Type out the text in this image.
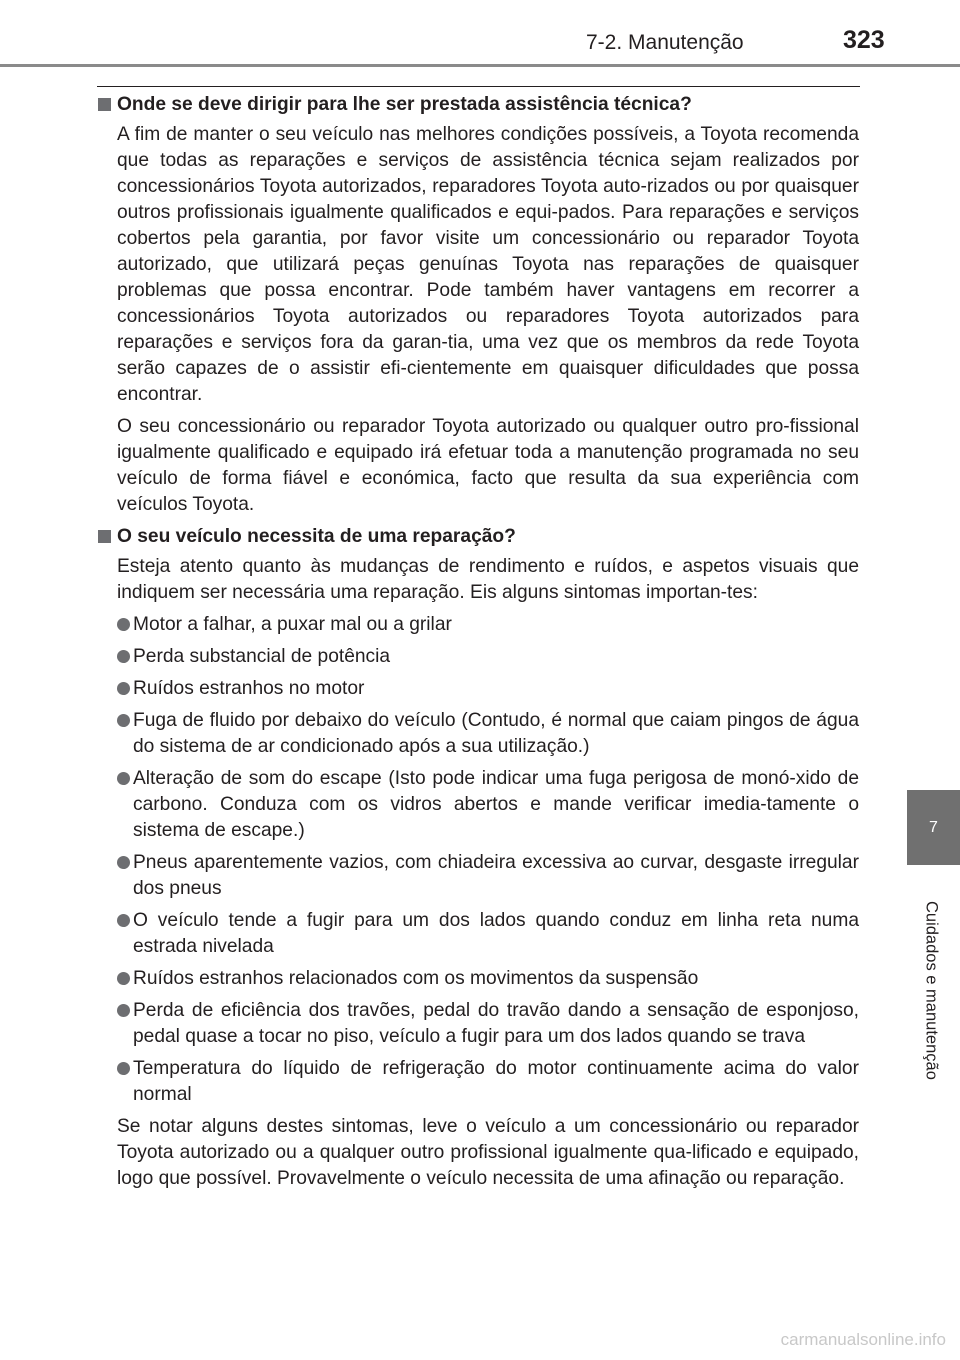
7-2. Manutenção	323
7
Cuidados e manutenção
Onde se deve dirigir para lhe ser prestada assistência técnica?

A fim de manter o seu veículo nas melhores condições possíveis, a Toyota recomenda que todas as reparações e serviços de assistência técnica sejam realizados por concessionários Toyota autorizados, reparadores Toyota auto-rizados ou por quaisquer outros profissionais igualmente qualificados e equi-pados. Para reparações e serviços cobertos pela garantia, por favor visite um concessionário ou reparador Toyota autorizado, que utilizará peças genuínas Toyota nas reparações de quaisquer problemas que possa encontrar. Pode também haver vantagens em recorrer a concessionários Toyota autorizados ou reparadores Toyota autorizados para reparações e serviços fora da garan-tia, uma vez que os membros da rede Toyota serão capazes de o assistir efi-cientemente em quaisquer dificuldades que possa encontrar.

O seu concessionário ou reparador Toyota autorizado ou qualquer outro pro-fissional igualmente qualificado e equipado irá efetuar toda a manutenção programada no seu veículo de forma fiável e económica, facto que resulta da sua experiência com veículos Toyota.

O seu veículo necessita de uma reparação?

Esteja atento quanto às mudanças de rendimento e ruídos, e aspetos visuais que indiquem ser necessária uma reparação. Eis alguns sintomas importan-tes:

Motor a falhar, a puxar mal ou a grilar
Perda substancial de potência
Ruídos estranhos no motor
Fuga de fluido por debaixo do veículo (Contudo, é normal que caiam pingos de água do sistema de ar condicionado após a sua utilização.)
Alteração de som do escape (Isto pode indicar uma fuga perigosa de monó-xido de carbono. Conduza com os vidros abertos e mande verificar imedia-tamente o sistema de escape.)
Pneus aparentemente vazios, com chiadeira excessiva ao curvar, desgaste irregular dos pneus
O veículo tende a fugir para um dos lados quando conduz em linha reta numa estrada nivelada
Ruídos estranhos relacionados com os movimentos da suspensão
Perda de eficiência dos travões, pedal do travão dando a sensação de esponjoso, pedal quase a tocar no piso, veículo a fugir para um dos lados quando se trava
Temperatura do líquido de refrigeração do motor continuamente acima do valor normal

Se notar alguns destes sintomas, leve o veículo a um concessionário ou reparador Toyota autorizado ou a qualquer outro profissional igualmente qua-lificado e equipado, logo que possível. Provavelmente o veículo necessita de uma afinação ou reparação.

carmanualsonline.info
